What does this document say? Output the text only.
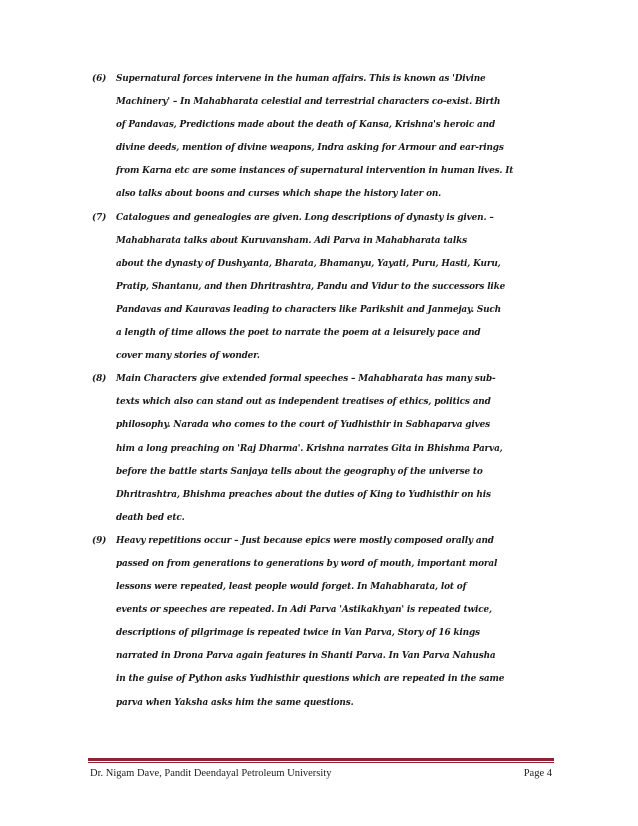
(6) Supernatural forces intervene in the human affairs. This is known as 'Divine
Machinery' – In Mahabharata celestial and terrestrial characters co-exist. Birth
of Pandavas, Predictions made about the death of Kansa, Krishna's heroic and
divine deeds, mention of divine weapons, Indra asking for Armour and ear-rings
from Karna etc are some instances of supernatural intervention in human lives. It
also talks about boons and curses which shape the history later on.
(7) Catalogues and genealogies are given. Long descriptions of dynasty is given. –
Mahabharata talks about Kuruvansham. Adi Parva in Mahabharata talks
about the dynasty of Dushyanta, Bharata, Bhamanyu, Yayati, Puru, Hasti, Kuru,
Pratip, Shantanu, and then Dhritrashtra, Pandu and Vidur to the successors like
Pandavas and Kauravas leading to characters like Parikshit and Janmejay. Such
a length of time allows the poet to narrate the poem at a leisurely pace and
cover many stories of wonder.
(8) Main Characters give extended formal speeches – Mahabharata has many sub-
texts which also can stand out as independent treatises of ethics, politics and
philosophy. Narada who comes to the court of Yudhisthir in Sabhaparva gives
him a long preaching on 'Raj Dharma'. Krishna narrates Gita in Bhishma Parva,
before the battle starts Sanjaya tells about the geography of the universe to
Dhritrashtra, Bhishma preaches about the duties of King to Yudhisthir on his
death bed etc.
(9) Heavy repetitions occur – Just because epics were mostly composed orally and
passed on from generations to generations by word of mouth, important moral
lessons were repeated, least people would forget. In Mahabharata, lot of
events or speeches are repeated. In Adi Parva 'Astikakhyan' is repeated twice,
descriptions of pilgrimage is repeated twice in Van Parva, Story of 16 kings
narrated in Drona Parva again features in Shanti Parva. In Van Parva Nahusha
in the guise of Python asks Yudhisthir questions which are repeated in the same
parva when Yaksha asks him the same questions.
Dr. Nigam Dave, Pandit Deendayal Petroleum University	Page 4
